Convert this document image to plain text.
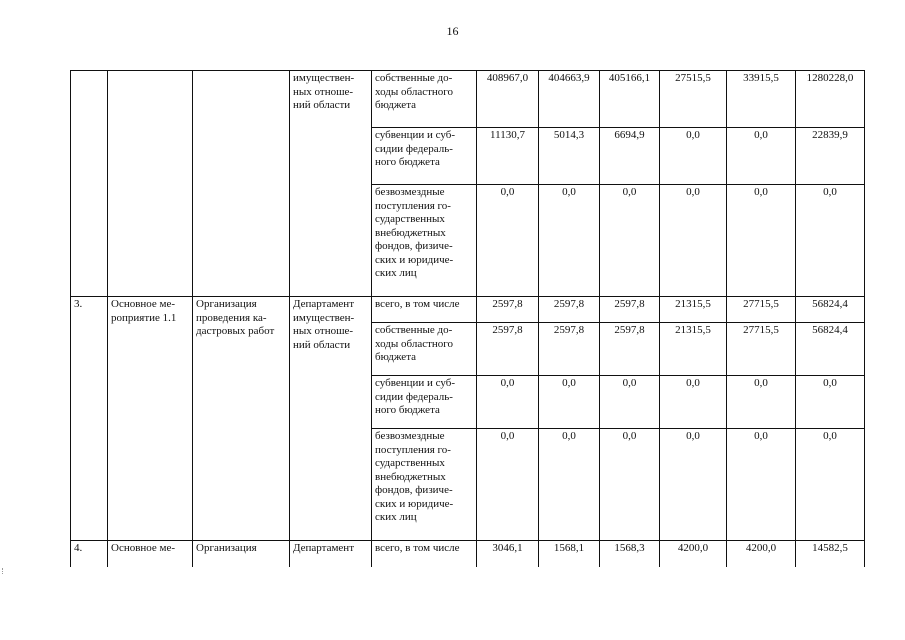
16
			имуществен-ных отноше-ний области	собственные до-ходы областного бюджета	408967,0	404663,9	405166,1	27515,5	33915,5	1280228,0
				субвенции и суб-сидии федераль-ного бюджета	11130,7	5014,3	6694,9	0,0	0,0	22839,9
				безвозмездные поступления го-сударственных внебюджетных фондов, физиче-ских и юридиче-ских лиц	0,0	0,0	0,0	0,0	0,0	0,0
3.	Основное ме-роприятие 1.1	Организация проведения ка-дастровых работ	Департамент имуществен-ных отноше-ний области	всего, в том числе	2597,8	2597,8	2597,8	21315,5	27715,5	56824,4
				собственные до-ходы областного бюджета	2597,8	2597,8	2597,8	21315,5	27715,5	56824,4
				субвенции и суб-сидии федераль-ного бюджета	0,0	0,0	0,0	0,0	0,0	0,0
				безвозмездные поступления го-сударственных внебюджетных фондов, физиче-ских и юридиче-ских лиц	0,0	0,0	0,0	0,0	0,0	0,0
4.	Основное ме-	Организация	Департамент	всего, в том числе	3046,1	1568,1	1568,3	4200,0	4200,0	14582,5
